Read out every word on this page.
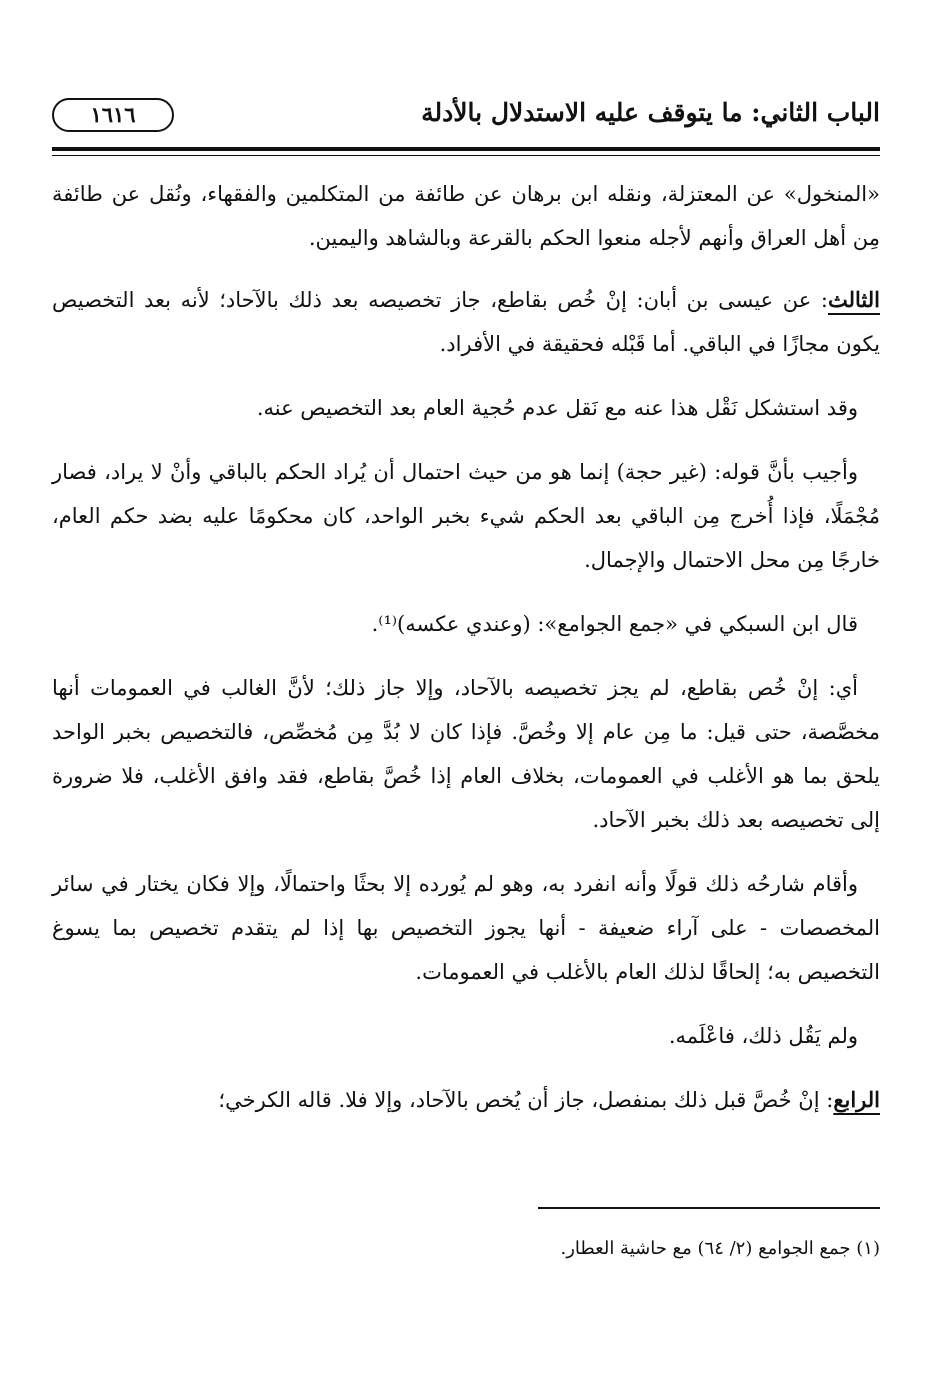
الباب الثاني: ما يتوقف عليه الاستدلال بالأدلة
١٦١٦

«المنخول» عن المعتزلة، ونقله ابن برهان عن طائفة من المتكلمين والفقهاء، ونُقل عن طائفة مِن أهل العراق وأنهم لأجله منعوا الحكم بالقرعة وبالشاهد واليمين.

الثالث: عن عيسى بن أبان: إنْ خُص بقاطع، جاز تخصيصه بعد ذلك بالآحاد؛ لأنه بعد التخصيص يكون مجازًا في الباقي. أما قَبْله فحقيقة في الأفراد.

وقد استشكل نَقْل هذا عنه مع نَقل عدم حُجية العام بعد التخصيص عنه.

وأجيب بأنَّ قوله: (غير حجة) إنما هو من حيث احتمال أن يُراد الحكم بالباقي وأنْ لا يراد، فصار مُجْمَلًا، فإذا أُخرج مِن الباقي بعد الحكم شيء بخبر الواحد، كان محكومًا عليه بضد حكم العام، خارجًا مِن محل الاحتمال والإجمال.

قال ابن السبكي في «جمع الجوامع»: (وعندي عكسه)⁽¹⁾.

أي: إنْ خُص بقاطع، لم يجز تخصيصه بالآحاد، وإلا جاز ذلك؛ لأنَّ الغالب في العمومات أنها مخصَّصة، حتى قيل: ما مِن عام إلا وخُصَّ. فإذا كان لا بُدَّ مِن مُخصِّص، فالتخصيص بخبر الواحد يلحق بما هو الأغلب في العمومات، بخلاف العام إذا خُصَّ بقاطع، فقد وافق الأغلب، فلا ضرورة إلى تخصيصه بعد ذلك بخبر الآحاد.

وأقام شارحُه ذلك قولًا وأنه انفرد به، وهو لم يُورده إلا بحثًا واحتمالًا، وإلا فكان يختار في سائر المخصصات - على آراء ضعيفة - أنها يجوز التخصيص بها إذا لم يتقدم تخصيص بما يسوغ التخصيص به؛ إلحاقًا لذلك العام بالأغلب في العمومات.

ولم يَقُل ذلك، فاعْلَمه.

الرابع: إنْ خُصَّ قبل ذلك بمنفصل، جاز أن يُخص بالآحاد، وإلا فلا. قاله الكرخي؛

(١) جمع الجوامع (٢/ ٦٤) مع حاشية العطار.
